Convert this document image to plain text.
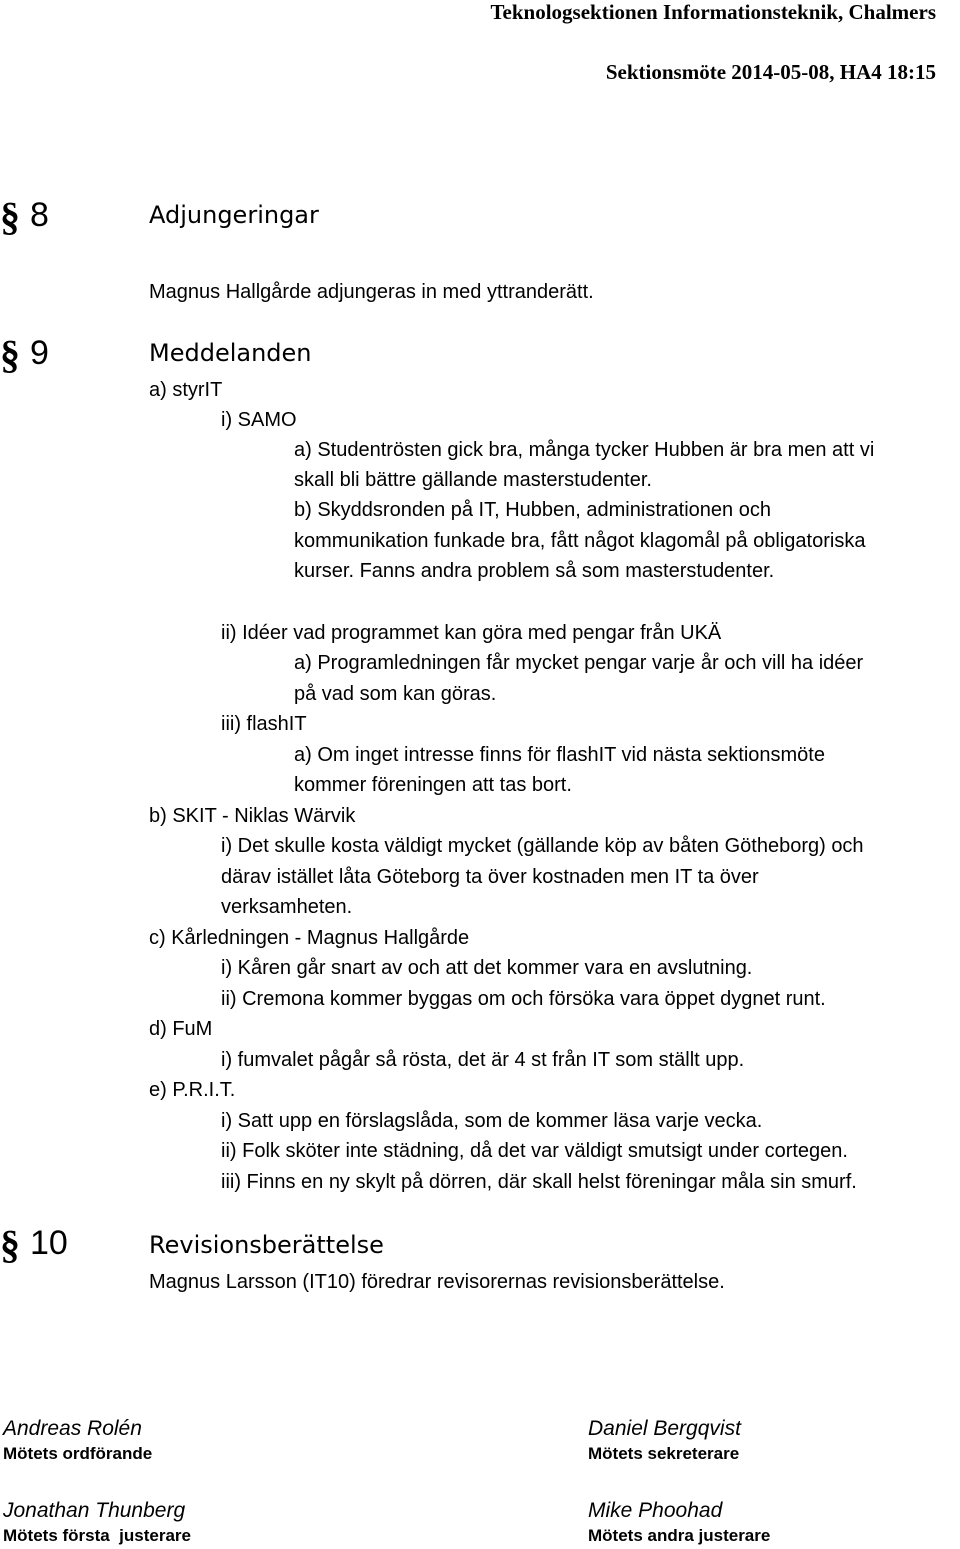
Teknologsektionen Informationsteknik, Chalmers
Sektionsmöte 2014-05-08, HA4 18:15
§ 8	Adjungeringar
Magnus Hallgårde adjungeras in med yttranderätt.
§ 9	Meddelanden
a) styrIT
i) SAMO
a) Studentrösten gick bra, många tycker Hubben är bra men att vi
skall bli bättre gällande masterstudenter.
b) Skyddsronden på IT, Hubben, administrationen och
kommunikation funkade bra, fått något klagomål på obligatoriska
kurser. Fanns andra problem så som masterstudenter.
ii) Idéer vad programmet kan göra med pengar från UKÄ
a) Programledningen får mycket pengar varje år och vill ha idéer
på vad som kan göras.
iii) flashIT
a) Om inget intresse finns för flashIT vid nästa sektionsmöte
kommer föreningen att tas bort.
b) SKIT - Niklas Wärvik
i) Det skulle kosta väldigt mycket (gällande köp av båten Götheborg) och
därav istället låta Göteborg ta över kostnaden men IT ta över
verksamheten.
c) Kårledningen - Magnus Hallgårde
i) Kåren går snart av och att det kommer vara en avslutning.
ii) Cremona kommer byggas om och försöka vara öppet dygnet runt.
d) FuM
i) fumvalet pågår så rösta, det är 4 st från IT som ställt upp.
e) P.R.I.T.
i) Satt upp en förslagslåda, som de kommer läsa varje vecka.
ii) Folk sköter inte städning, då det var väldigt smutsigt under cortegen.
iii) Finns en ny skylt på dörren, där skall helst föreningar måla sin smurf.
§ 10	Revisionsberättelse
Magnus Larsson (IT10) föredrar revisorernas revisionsberättelse.
Andreas Rolén
Mötets ordförande
Daniel Bergqvist
Mötets sekreterare
Jonathan Thunberg
Mötets första  justerare
Mike Phoohad
Mötets andra justerare
